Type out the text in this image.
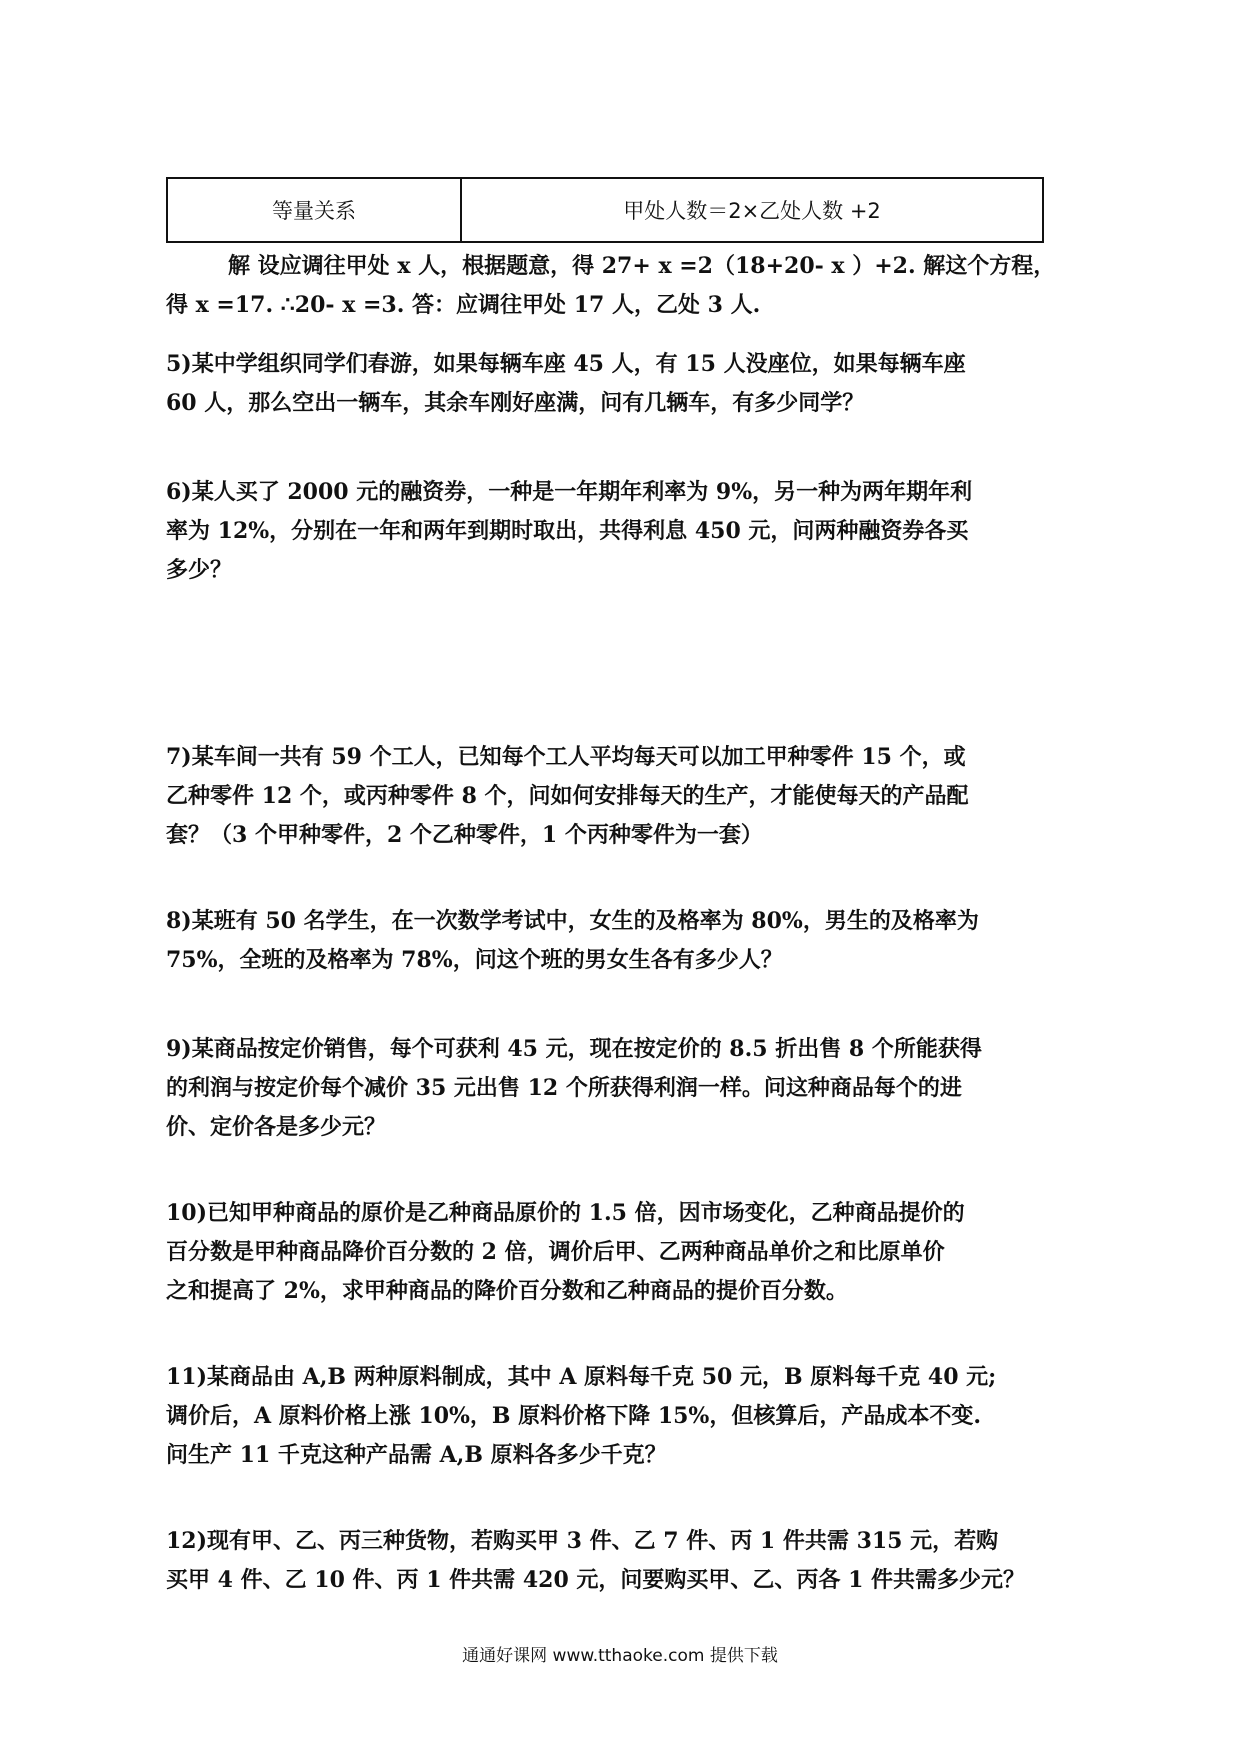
等量关系	甲处人数＝2×乙处人数 +2

解 设应调往甲处 x 人，根据题意，得 27+ x =2（18+20- x ）+2. 解这个方程，

得 x =17. ∴20- x =3. 答：应调往甲处 17 人，乙处 3 人.

5)某中学组织同学们春游，如果每辆车座 45 人，有 15 人没座位，如果每辆车座

60 人，那么空出一辆车，其余车刚好座满，问有几辆车，有多少同学？

6)某人买了 2000 元的融资券，一种是一年期年利率为 9%，另一种为两年期年利

率为 12%，分别在一年和两年到期时取出，共得利息 450 元，问两种融资券各买

多少？

7)某车间一共有 59 个工人，已知每个工人平均每天可以加工甲种零件 15 个，或

乙种零件 12 个，或丙种零件 8 个，问如何安排每天的生产，才能使每天的产品配

套？（3 个甲种零件，2 个乙种零件，1 个丙种零件为一套）

8)某班有 50 名学生，在一次数学考试中，女生的及格率为 80%，男生的及格率为

75%，全班的及格率为 78%，问这个班的男女生各有多少人？

9)某商品按定价销售，每个可获利 45 元，现在按定价的 8.5 折出售 8 个所能获得

的利润与按定价每个减价 35 元出售 12 个所获得利润一样。问这种商品每个的进

价、定价各是多少元？

10)已知甲种商品的原价是乙种商品原价的 1.5 倍，因市场变化，乙种商品提价的

百分数是甲种商品降价百分数的 2 倍，调价后甲、乙两种商品单价之和比原单价

之和提高了 2%，求甲种商品的降价百分数和乙种商品的提价百分数。

11)某商品由 A,B 两种原料制成，其中 A 原料每千克 50 元，B 原料每千克 40 元;

调价后，A 原料价格上涨 10%，B 原料价格下降 15%，但核算后，产品成本不变.

问生产 11 千克这种产品需 A,B 原料各多少千克？

12)现有甲、乙、丙三种货物，若购买甲 3 件、乙 7 件、丙 1 件共需 315 元，若购

买甲 4 件、乙 10 件、丙 1 件共需 420 元，问要购买甲、乙、丙各 1 件共需多少元？

通通好课网 www.tthaoke.com 提供下载
